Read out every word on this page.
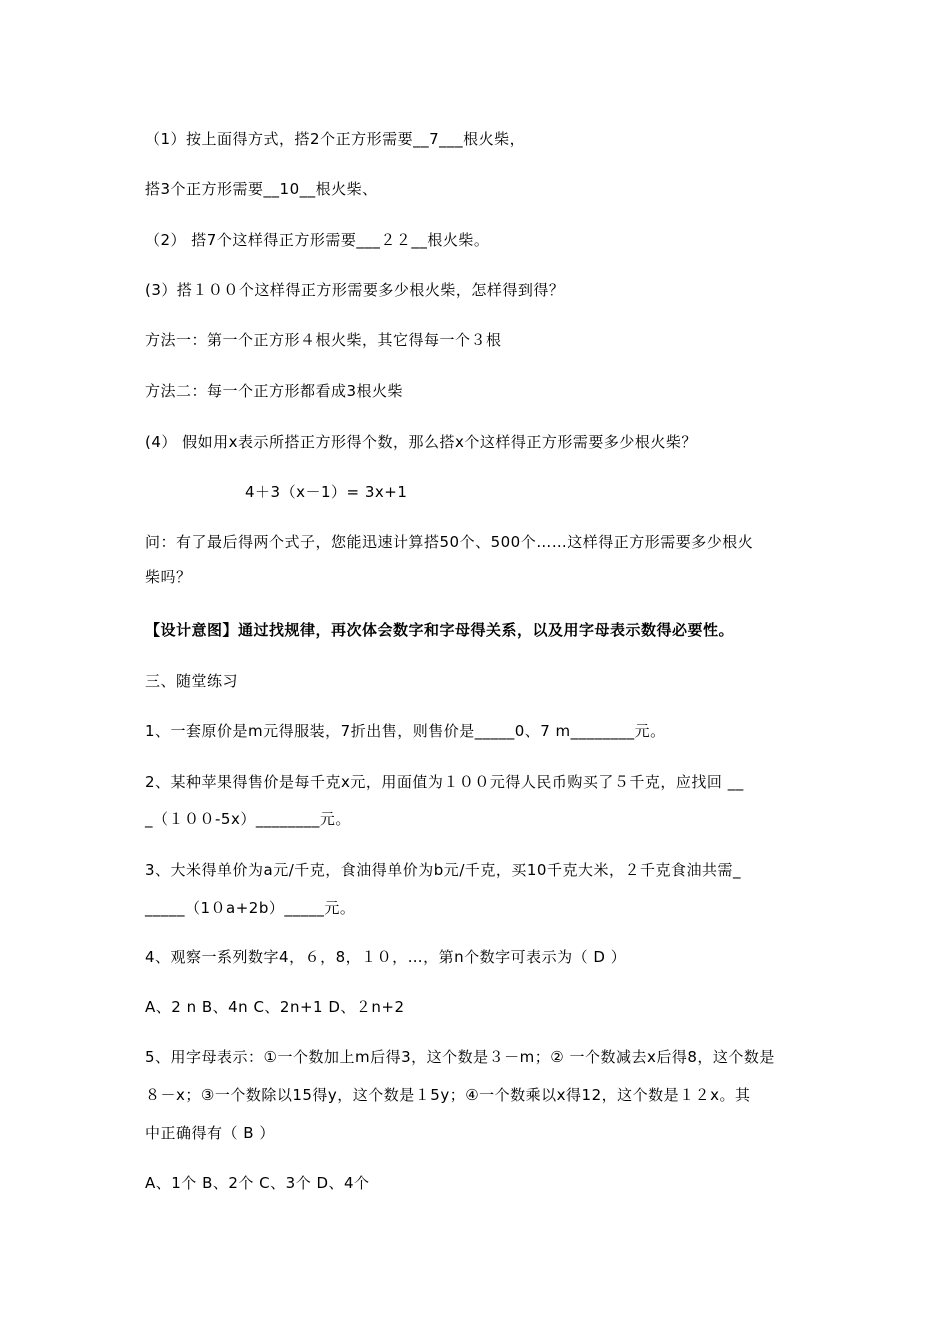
（1）按上面得方式，搭2个正方形需要__7___根火柴，
搭3个正方形需要__10__根火柴、
（2） 搭7个这样得正方形需要___２２__根火柴。
(3）搭１００个这样得正方形需要多少根火柴，怎样得到得？
方法一：第一个正方形４根火柴，其它得每一个３根
方法二：每一个正方形都看成3根火柴
(4） 假如用x表示所搭正方形得个数，那么搭x个这样得正方形需要多少根火柴？
4＋3（x－1）= 3x+1
问：有了最后得两个式子，您能迅速计算搭50个、500个……这样得正方形需要多少根火
柴吗？
【设计意图】通过找规律，再次体会数字和字母得关系，以及用字母表示数得必要性。
三、随堂练习
1、一套原价是m元得服装，7折出售，则售价是_____0、7 m________元。
2、某种苹果得售价是每千克x元，用面值为１００元得人民币购买了５千克，应找回 __
_（１００-5x）________元。
3、大米得单价为a元/千克，食油得单价为b元/千克，买10千克大米，２千克食油共需_
_____（1０a+2b）_____元。
4、观察一系列数字4，６，8，１０，…，第n个数字可表示为（ D ）
A、2 n B、4n C、2n+1 D、２n+2
5、用字母表示：①一个数加上m后得3，这个数是３－m；② 一个数减去x后得8，这个数是
８－x；③一个数除以15得y，这个数是１5y；④一个数乘以x得12，这个数是１２x。其
中正确得有（ B ）
A、1个 B、2个 C、3个 D、4个
